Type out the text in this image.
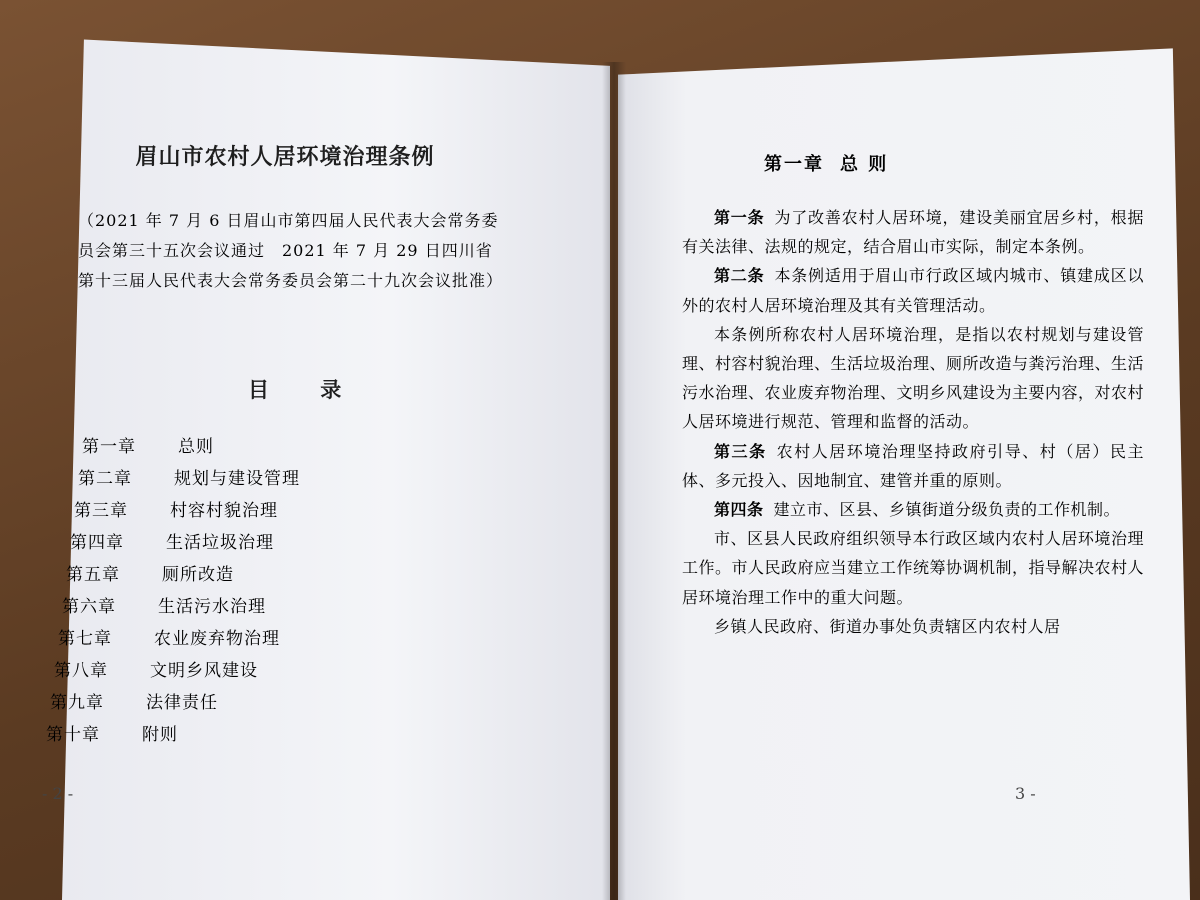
眉山市农村人居环境治理条例
（2021 年 7 月 6 日眉山市第四届人民代表大会常务委员会第三十五次会议通过　2021 年 7 月 29 日四川省第十三届人民代表大会常务委员会第二十九次会议批准）
目 录
第一章	总则
第二章	规划与建设管理
第三章	村容村貌治理
第四章	生活垃圾治理
第五章	厕所改造
第六章	生活污水治理
第七章	农业废弃物治理
第八章	文明乡风建设
第九章	法律责任
第十章	附则
- 2 -
第一章 总 则

第一条 为了改善农村人居环境，建设美丽宜居乡村，根据有关法律、法规的规定，结合眉山市实际，制定本条例。

第二条 本条例适用于眉山市行政区域内城市、镇建成区以外的农村人居环境治理及其有关管理活动。

本条例所称农村人居环境治理，是指以农村规划与建设管理、村容村貌治理、生活垃圾治理、厕所改造与粪污治理、生活污水治理、农业废弃物治理、文明乡风建设为主要内容，对农村人居环境进行规范、管理和监督的活动。

第三条 农村人居环境治理坚持政府引导、村（居）民主体、多元投入、因地制宜、建管并重的原则。

第四条 建立市、区县、乡镇街道分级负责的工作机制。

市、区县人民政府组织领导本行政区域内农村人居环境治理工作。市人民政府应当建立工作统筹协调机制，指导解决农村人居环境治理工作中的重大问题。

乡镇人民政府、街道办事处负责辖区内农村人居

3 -
